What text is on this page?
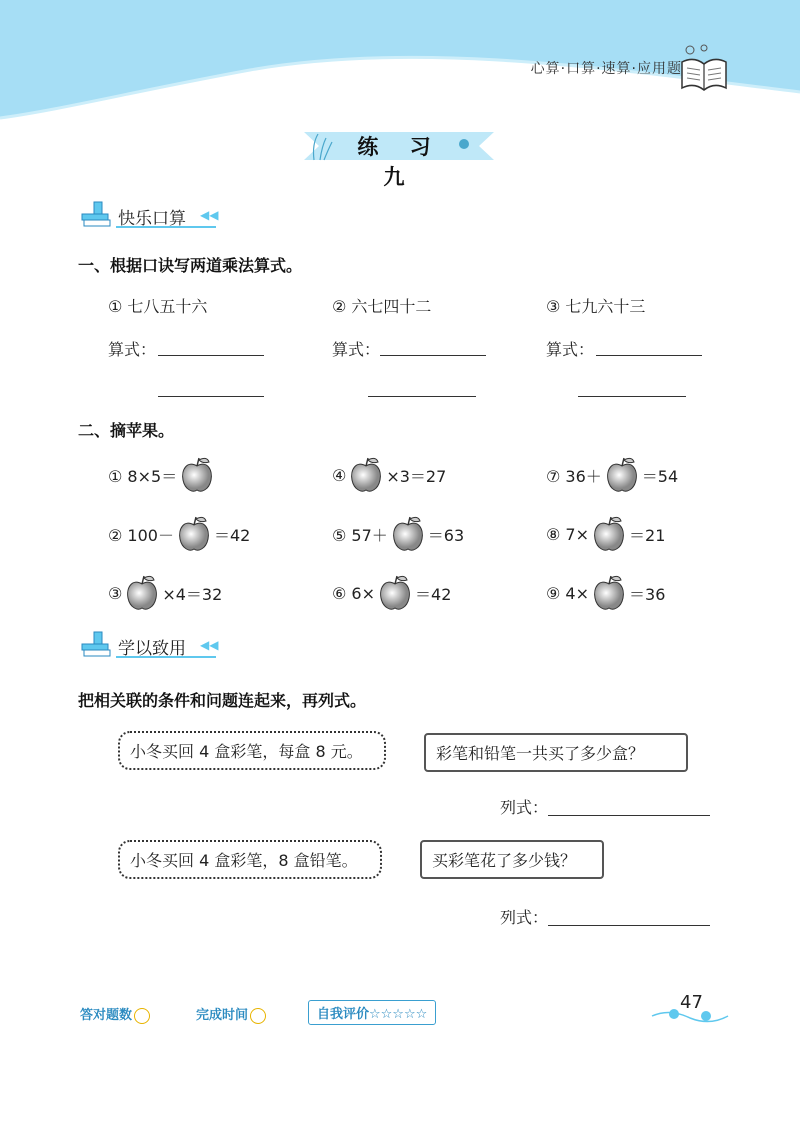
心算·口算·速算·应用题
练 习 九
快乐口算 ◀◀
一、根据口诀写两道乘法算式。
① 七八五十六	② 六七四十二	③ 七九六十三
算式：	算式：	算式：
二、摘苹果。
① 8×5＝	④	×3＝27	⑦ 36＋	＝54
② 100－	＝42	⑤ 57＋	＝63	⑧ 7×	＝21
③	×4＝32	⑥ 6×	＝42	⑨ 4×	＝36
学以致用 ◀◀
把相关联的条件和问题连起来，再列式。
小冬买回 4 盒彩笔，每盒 8 元。	彩笔和铅笔一共买了多少盒？
列式：
小冬买回 4 盒彩笔，8 盒铅笔。	买彩笔花了多少钱？
列式：
答对题数	完成时间	自我评价☆☆☆☆☆
47
